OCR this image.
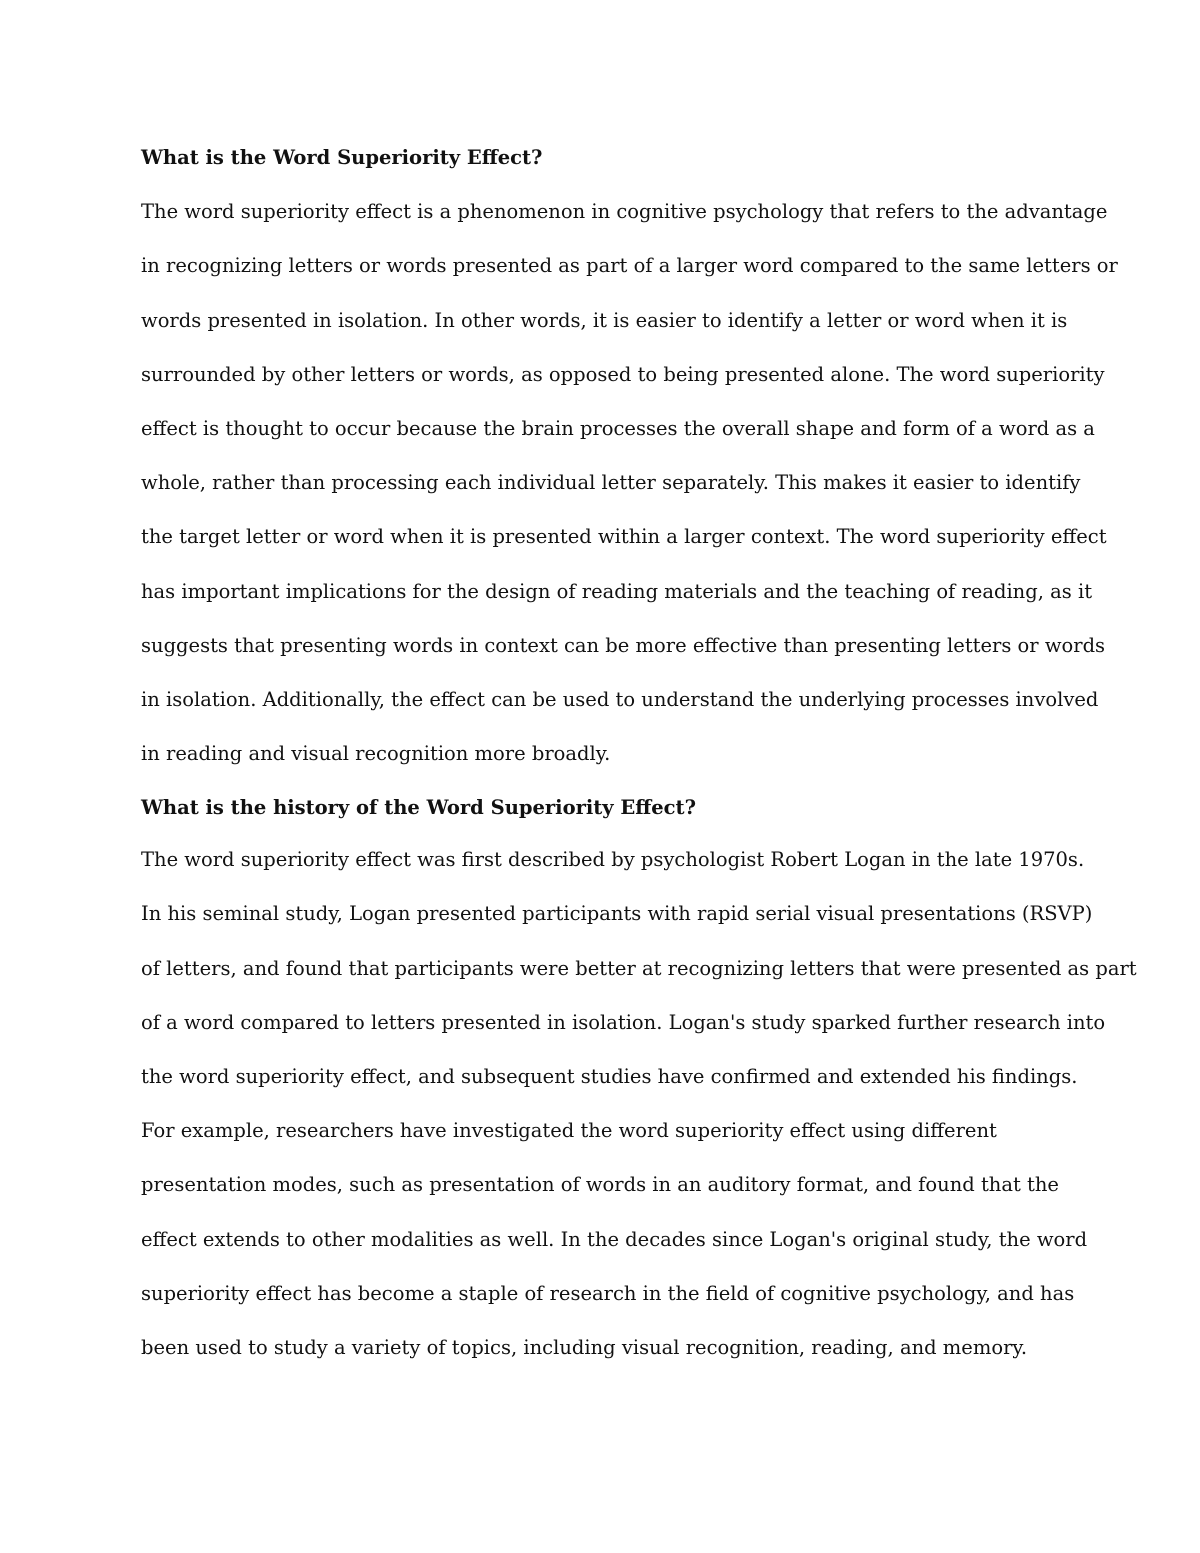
What is the Word Superiority Effect?
The word superiority effect is a phenomenon in cognitive psychology that refers to the advantage
in recognizing letters or words presented as part of a larger word compared to the same letters or
words presented in isolation. In other words, it is easier to identify a letter or word when it is
surrounded by other letters or words, as opposed to being presented alone. The word superiority
effect is thought to occur because the brain processes the overall shape and form of a word as a
whole, rather than processing each individual letter separately. This makes it easier to identify
the target letter or word when it is presented within a larger context. The word superiority effect
has important implications for the design of reading materials and the teaching of reading, as it
suggests that presenting words in context can be more effective than presenting letters or words
in isolation. Additionally, the effect can be used to understand the underlying processes involved
in reading and visual recognition more broadly.
What is the history of the Word Superiority Effect?
The word superiority effect was first described by psychologist Robert Logan in the late 1970s.
In his seminal study, Logan presented participants with rapid serial visual presentations (RSVP)
of letters, and found that participants were better at recognizing letters that were presented as part
of a word compared to letters presented in isolation. Logan's study sparked further research into
the word superiority effect, and subsequent studies have confirmed and extended his findings.
For example, researchers have investigated the word superiority effect using different
presentation modes, such as presentation of words in an auditory format, and found that the
effect extends to other modalities as well. In the decades since Logan's original study, the word
superiority effect has become a staple of research in the field of cognitive psychology, and has
been used to study a variety of topics, including visual recognition, reading, and memory.
